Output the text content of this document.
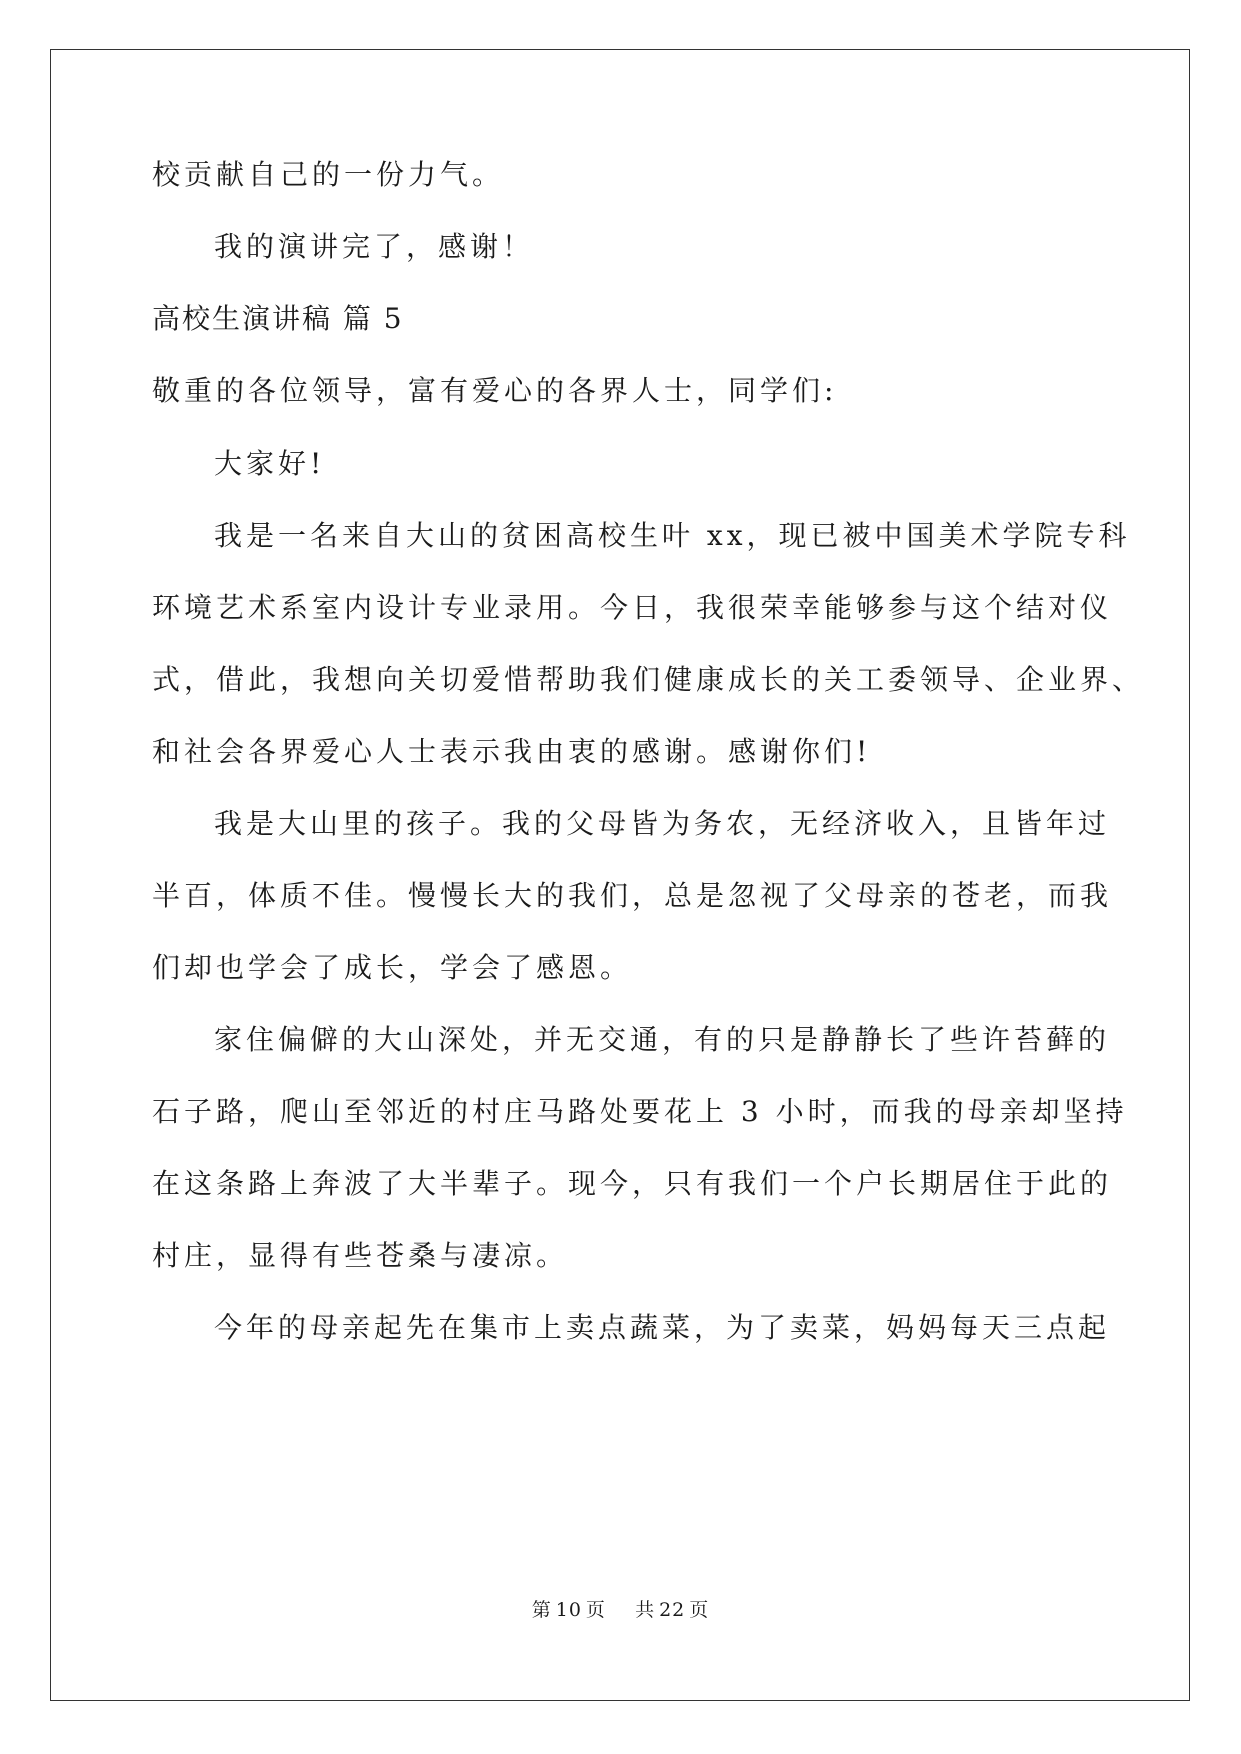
校贡献自己的一份力气。
我的演讲完了，感谢！
高校生演讲稿 篇 5
敬重的各位领导，富有爱心的各界人士，同学们:
大家好!
我是一名来自大山的贫困高校生叶 xx，现已被中国美术学院专科
环境艺术系室内设计专业录用。今日，我很荣幸能够参与这个结对仪
式，借此，我想向关切爱惜帮助我们健康成长的关工委领导、企业界、
和社会各界爱心人士表示我由衷的感谢。感谢你们!
我是大山里的孩子。我的父母皆为务农，无经济收入，且皆年过
半百，体质不佳。慢慢长大的我们，总是忽视了父母亲的苍老，而我
们却也学会了成长，学会了感恩。
家住偏僻的大山深处，并无交通，有的只是静静长了些许苔藓的
石子路，爬山至邻近的村庄马路处要花上 3 小时，而我的母亲却坚持
在这条路上奔波了大半辈子。现今，只有我们一个户长期居住于此的
村庄，显得有些苍桑与凄凉。
今年的母亲起先在集市上卖点蔬菜，为了卖菜，妈妈每天三点起
第 10 页 共 22 页
